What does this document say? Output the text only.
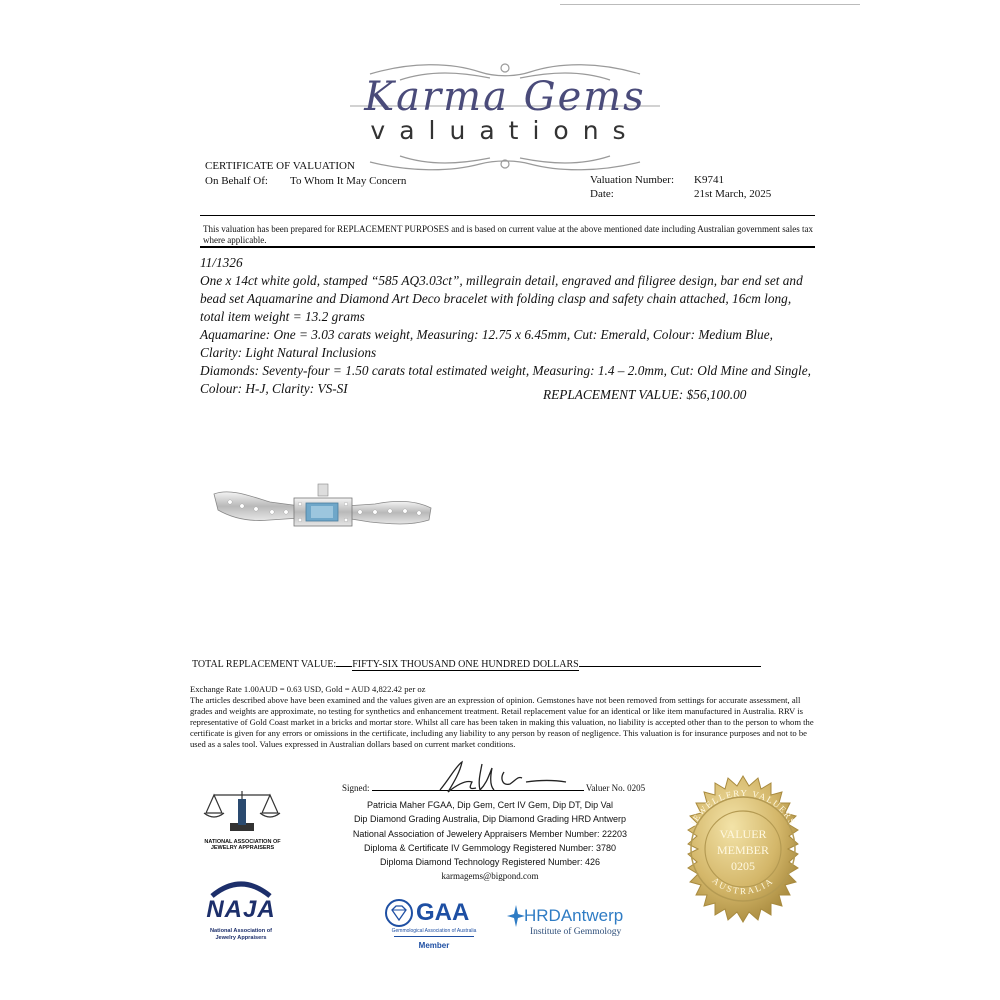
Karma Gems
valuations
CERTIFICATE OF VALUATION
On Behalf Of: To Whom It May Concern	Valuation Number: K9741
Date:	21st March, 2025
This valuation has been prepared for REPLACEMENT PURPOSES and is based on current value at the above mentioned date including Australian government sales tax where applicable.

11/1326

One x 14ct white gold, stamped “585 AQ3.03ct”, millegrain detail, engraved and filigree design, bar end set and bead set Aquamarine and Diamond Art Deco bracelet with folding clasp and safety chain attached, 16cm long, total item weight = 13.2 grams

Aquamarine: One = 3.03 carats weight, Measuring: 12.75 x 6.45mm, Cut: Emerald, Colour: Medium Blue, Clarity: Light Natural Inclusions

Diamonds: Seventy-four = 1.50 carats total estimated weight, Measuring: 1.4 – 2.0mm, Cut: Old Mine and Single, Colour: H-J, Clarity: VS-SI	REPLACEMENT VALUE: $56,100.00
TOTAL REPLACEMENT VALUE: FIFTY-SIX THOUSAND ONE HUNDRED DOLLARS

Exchange Rate 1.00AUD = 0.63 USD, Gold = AUD 4,822.42 per oz

The articles described above have been examined and the values given are an expression of opinion. Gemstones have not been removed from settings for accurate assessment, all grades and weights are approximate, no testing for synthetics and enhancement treatment. Retail replacement value for an identical or like item manufactured in Australia. RRV is representative of Gold Coast market in a bricks and mortar store. Whilst all care has been taken in making this valuation, no liability is accepted other than to the person to whom the certificate is given for any errors or omissions in the certificate, including any liability to any person by reason of negligence. This valuation is for insurance purposes and not to be used as a sales tool. Values expressed in Australian dollars based on current market conditions.

Signed:	Valuer No. 0205
Patricia Maher FGAA, Dip Gem, Cert IV Gem, Dip DT, Dip Val
Dip Diamond Grading Australia, Dip Diamond Grading HRD Antwerp
National Association of Jewelery Appraisers Member Number: 22203
Diploma & Certificate IV Gemmology Registered Number: 3780
Diploma Diamond Technology Registered Number: 426
karmagems@bigpond.com
NATIONAL ASSOCIATION OF JEWELRY APPRAISERS
NAJA
National Association of Jewelry Appraisers
GAA
Gemmological Association of Australia
Member
HRDAntwerp
Institute of Gemmology
JEWELLERY VALUERS
AUSTRALIA
VALUER
MEMBER
0205
